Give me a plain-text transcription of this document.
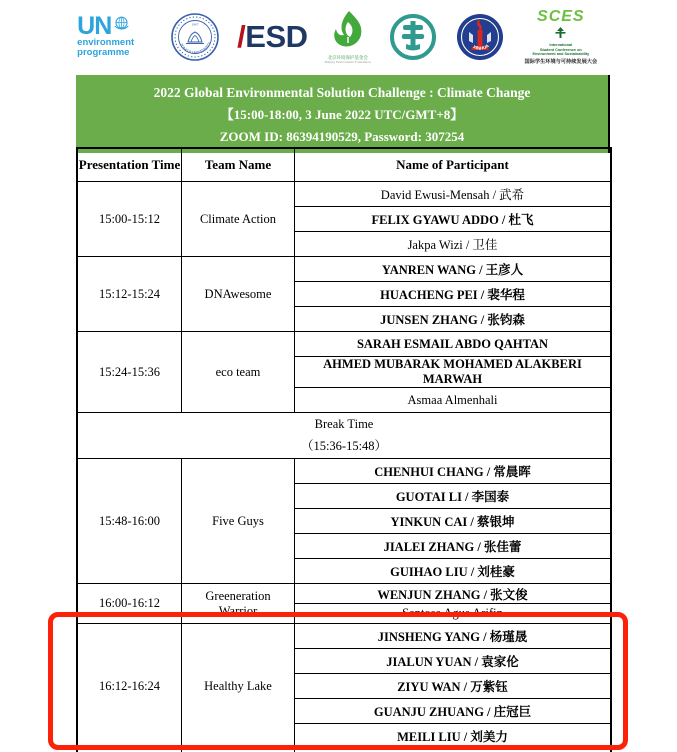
UN
environment
programme
1907
TONGJI UNIVERSITY / ESD
北京环境保护基金会
Beijing Environment Foundation
XINHUA
SCES
International
Student Conference on
Environment and Sustainability
国际学生环境与可持续发展大会
2022 Global Environmental Solution Challenge : Climate Change
【15:00-18:00, 3 June 2022 UTC/GMT+8】
ZOOM ID: 86394190529, Password: 307254
Presentation Time	Team Name	Name of Participant
15:00-15:12	Climate Action	David Ewusi-Mensah / 武希
		FELIX GYAWU ADDO / 杜飞
		Jakpa Wizi / 卫佳
15:12-15:24	DNAwesome	YANREN WANG / 王彦人
		HUACHENG PEI / 裴华程
		JUNSEN ZHANG / 张钧森
15:24-15:36	eco team	SARAH ESMAIL ABDO QAHTAN
		AHMED MUBARAK MOHAMED ALAKBERI MARWAH
		Asmaa Almenhali

Break Time
（15:36-15:48）		

15:48-16:00	Five Guys	CHENHUI CHANG / 常晨晖
		GUOTAI LI / 李国泰
		YINKUN CAI / 蔡银坤
		JIALEI ZHANG / 张佳蕾
		GUIHAO LIU / 刘桂豪
16:00-16:12	Greeneration Warrior	WENJUN ZHANG / 张文俊
		Sentosa Agus Arifin
16:12-16:24	Healthy Lake	JINSHENG YANG / 杨瑾晟
		JIALUN YUAN / 袁家伦
		ZIYU WAN / 万紫钰
		GUANJU ZHUANG / 庄冠巨
		MEILI LIU / 刘美力
